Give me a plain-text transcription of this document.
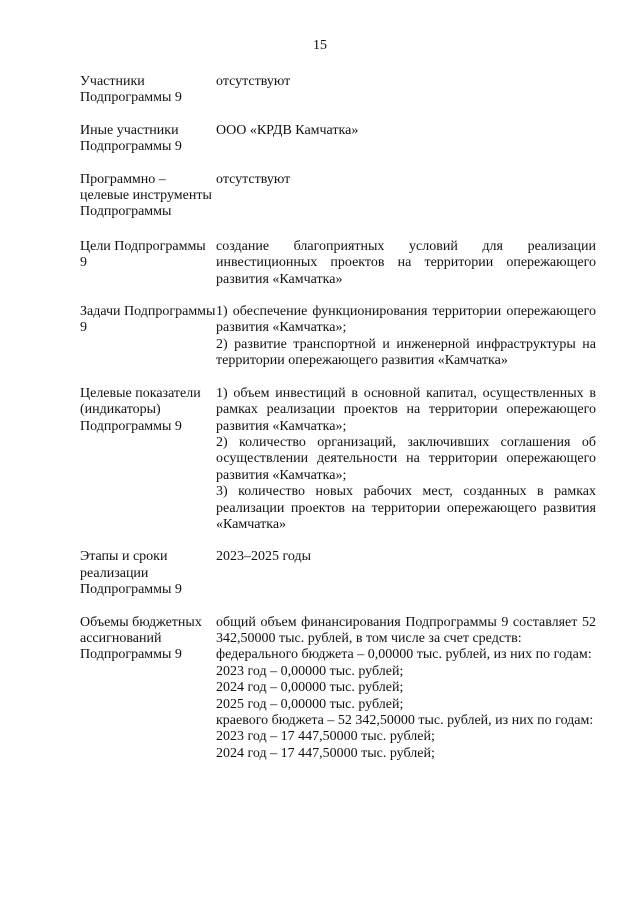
15
Участники Подпрограммы 9

отсутствуют

Иные участники Подпрограммы 9

ООО «КРДВ Камчатка»

Программно – целевые инструменты Подпрограммы

отсутствуют

Цели Подпрограммы 9

создание благоприятных условий для реализации инвестиционных проектов на территории опережающего развития «Камчатка»

Задачи Подпрограммы 9

1) обеспечение функционирования территории опережающего развития «Камчатка»;

2) развитие транспортной и инженерной инфраструктуры на территории опережающего развития «Камчатка»

Целевые показатели (индикаторы) Подпрограммы 9

1) объем инвестиций в основной капитал, осуществленных в рамках реализации проектов на территории опережающего развития «Камчатка»;

2) количество организаций, заключивших соглашения об осуществлении деятельности на территории опережающего развития «Камчатка»;

3) количество новых рабочих мест, созданных в рамках реализации проектов на территории опережающего развития «Камчатка»

Этапы и сроки реализации Подпрограммы 9

2023–2025 годы

Объемы бюджетных ассигнований Подпрограммы 9

общий объем финансирования Подпрограммы 9 составляет 52 342,50000 тыс. рублей, в том числе за счет средств:

федерального бюджета – 0,00000 тыс. рублей, из них по годам:

2023 год – 0,00000 тыс. рублей;

2024 год – 0,00000 тыс. рублей;

2025 год – 0,00000 тыс. рублей;

краевого бюджета – 52 342,50000 тыс. рублей, из них по годам:

2023 год – 17 447,50000 тыс. рублей;

2024 год – 17 447,50000 тыс. рублей;
